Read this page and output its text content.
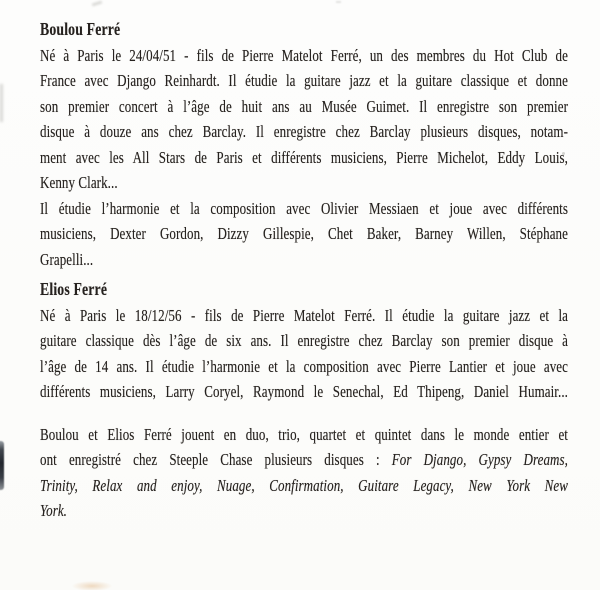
Boulou Ferré
Né à Paris le 24/04/51 - fils de Pierre Matelot Ferré, un des membres du Hot Club de
France avec Django Reinhardt. Il étudie la guitare jazz et la guitare classique et donne
son premier concert à l’âge de huit ans au Musée Guimet. Il enregistre son premier
disque à douze ans chez Barclay. Il enregistre chez Barclay plusieurs disques, notam-
ment avec les All Stars de Paris et différents musiciens, Pierre Michelot, Eddy Louis,
Kenny Clark...
Il étudie l’harmonie et la composition avec Olivier Messiaen et joue avec différents
musiciens, Dexter Gordon, Dizzy Gillespie, Chet Baker, Barney Willen, Stéphane
Grapelli...
Elios Ferré
Né à Paris le 18/12/56 - fils de Pierre Matelot Ferré. Il étudie la guitare jazz et la
guitare classique dès l’âge de six ans. Il enregistre chez Barclay son premier disque à
l’âge de 14 ans. Il étudie l’harmonie et la composition avec Pierre Lantier et joue avec
différents musiciens, Larry Coryel, Raymond le Senechal, Ed Thipeng, Daniel Humair...
Boulou et Elios Ferré jouent en duo, trio, quartet et quintet dans le monde entier et
ont enregistré chez Steeple Chase plusieurs disques : For Django, Gypsy Dreams,
Trinity, Relax and enjoy, Nuage, Confirmation, Guitare Legacy, New York New
York.
